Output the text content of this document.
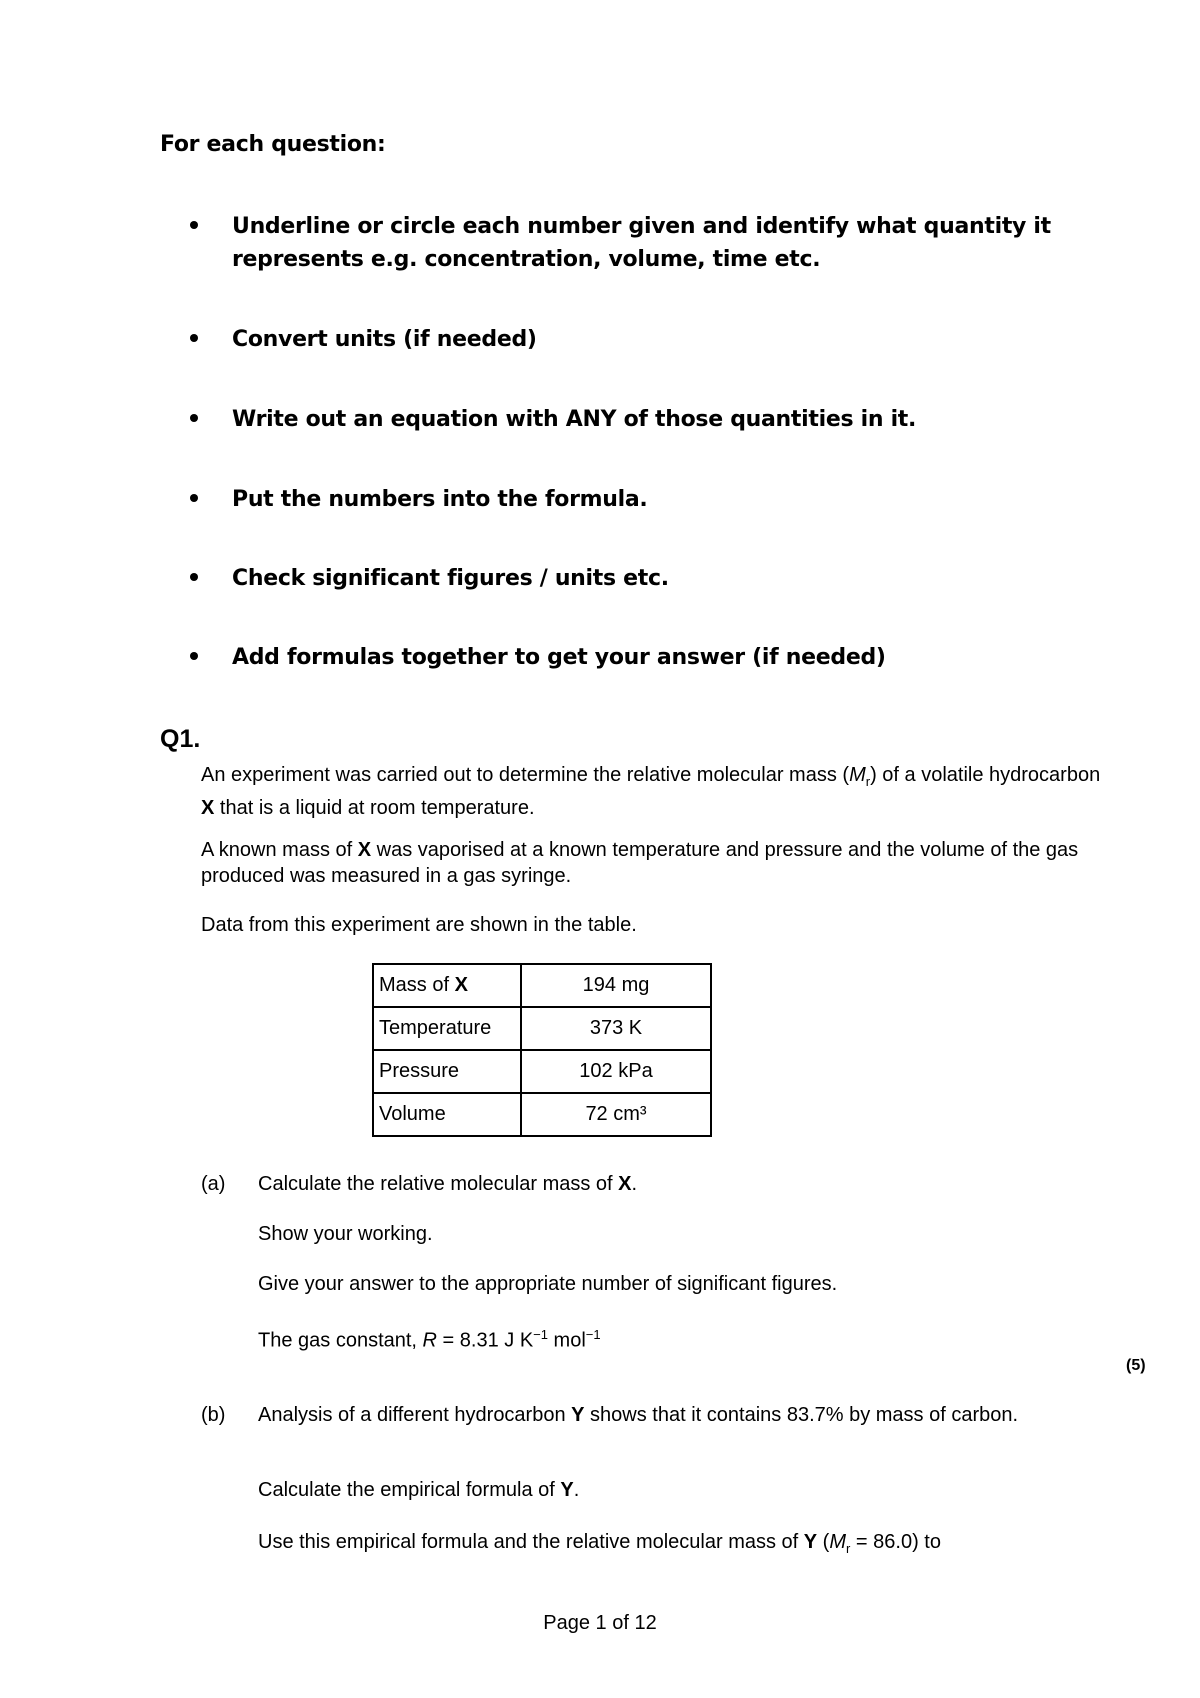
For each question:
Underline or circle each number given and identify what quantity it represents e.g. concentration, volume, time etc.
Convert units (if needed)
Write out an equation with ANY of those quantities in it.
Put the numbers into the formula.
Check significant figures / units etc.
Add formulas together to get your answer (if needed)
Q1.
An experiment was carried out to determine the relative molecular mass $(M_r)$ of a volatile hydrocarbon X that is a liquid at room temperature.
A known mass of X was vaporised at a known temperature and pressure and the volume of the gas produced was measured in a gas syringe.
Data from this experiment are shown in the table.
Mass of X	194 mg
Temperature	373 K
Pressure	102 kPa
Volume	72 cm³
(a) Calculate the relative molecular mass of X.
Show your working.
Give your answer to the appropriate number of significant figures.
The gas constant, R = 8.31 J $K^{-1}$ mol$^{-1}$
(5)
(b) Analysis of a different hydrocarbon Y shows that it contains 83.7% by mass of carbon.
Calculate the empirical formula of Y.
Use this empirical formula and the relative molecular mass of Y $(M_r = 86.0)$ to
Page 1 of 12
